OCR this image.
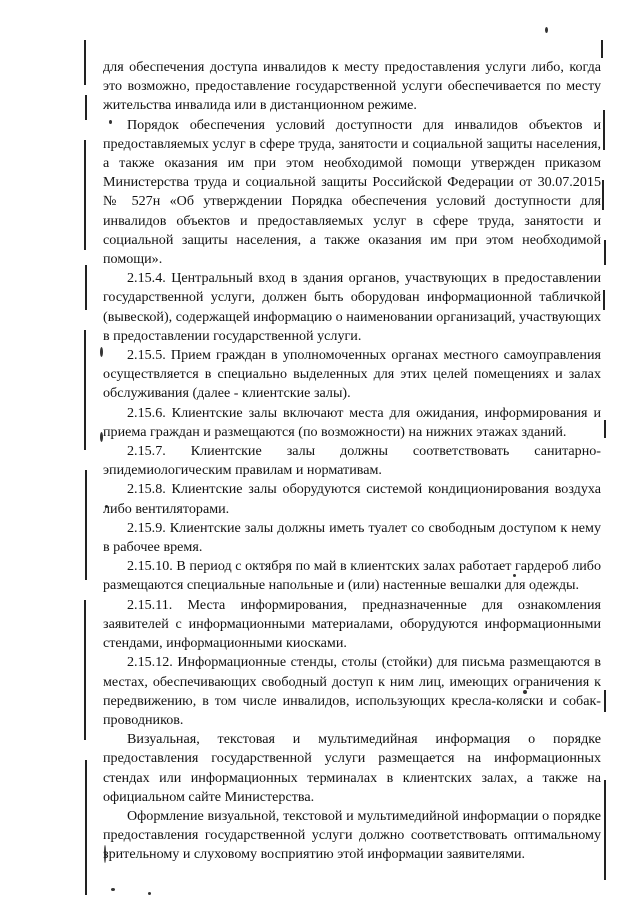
для обеспечения доступа инвалидов к месту предоставления услуги либо, когда это возможно, предоставление государственной услуги обеспечивается по месту жительства инвалида или в дистанционном режиме.

Порядок обеспечения условий доступности для инвалидов объектов и предоставляемых услуг в сфере труда, занятости и социальной защиты населения, а также оказания им при этом необходимой помощи утвержден приказом Министерства труда и социальной защиты Российской Федерации от 30.07.2015 № 527н «Об утверждении Порядка обеспечения условий доступности для инвалидов объектов и предоставляемых услуг в сфере труда, занятости и социальной защиты населения, а также оказания им при этом необходимой помощи».

2.15.4. Центральный вход в здания органов, участвующих в предоставлении государственной услуги, должен быть оборудован информационной табличкой (вывеской), содержащей информацию о наименовании организаций, участвующих в предоставлении государственной услуги.

2.15.5. Прием граждан в уполномоченных органах местного самоуправления осуществляется в специально выделенных для этих целей помещениях и залах обслуживания (далее - клиентские залы).

2.15.6. Клиентские залы включают места для ожидания, информирования и приема граждан и размещаются (по возможности) на нижних этажах зданий.

2.15.7. Клиентские залы должны соответствовать санитарно-эпидемиологическим правилам и нормативам.

2.15.8. Клиентские залы оборудуются системой кондиционирования воздуха либо вентиляторами.

2.15.9. Клиентские залы должны иметь туалет со свободным доступом к нему в рабочее время.

2.15.10. В период с октября по май в клиентских залах работает гардероб либо размещаются специальные напольные и (или) настенные вешалки для одежды.

2.15.11. Места информирования, предназначенные для ознакомления заявителей с информационными материалами, оборудуются информационными стендами, информационными киосками.

2.15.12. Информационные стенды, столы (стойки) для письма размещаются в местах, обеспечивающих свободный доступ к ним лиц, имеющих ограничения к передвижению, в том числе инвалидов, использующих кресла-коляски и собак-проводников.

Визуальная, текстовая и мультимедийная информация о порядке предоставления государственной услуги размещается на информационных стендах или информационных терминалах в клиентских залах, а также на официальном сайте Министерства.

Оформление визуальной, текстовой и мультимедийной информации о порядке предоставления государственной услуги должно соответствовать оптимальному зрительному и слуховому восприятию этой информации заявителями.
